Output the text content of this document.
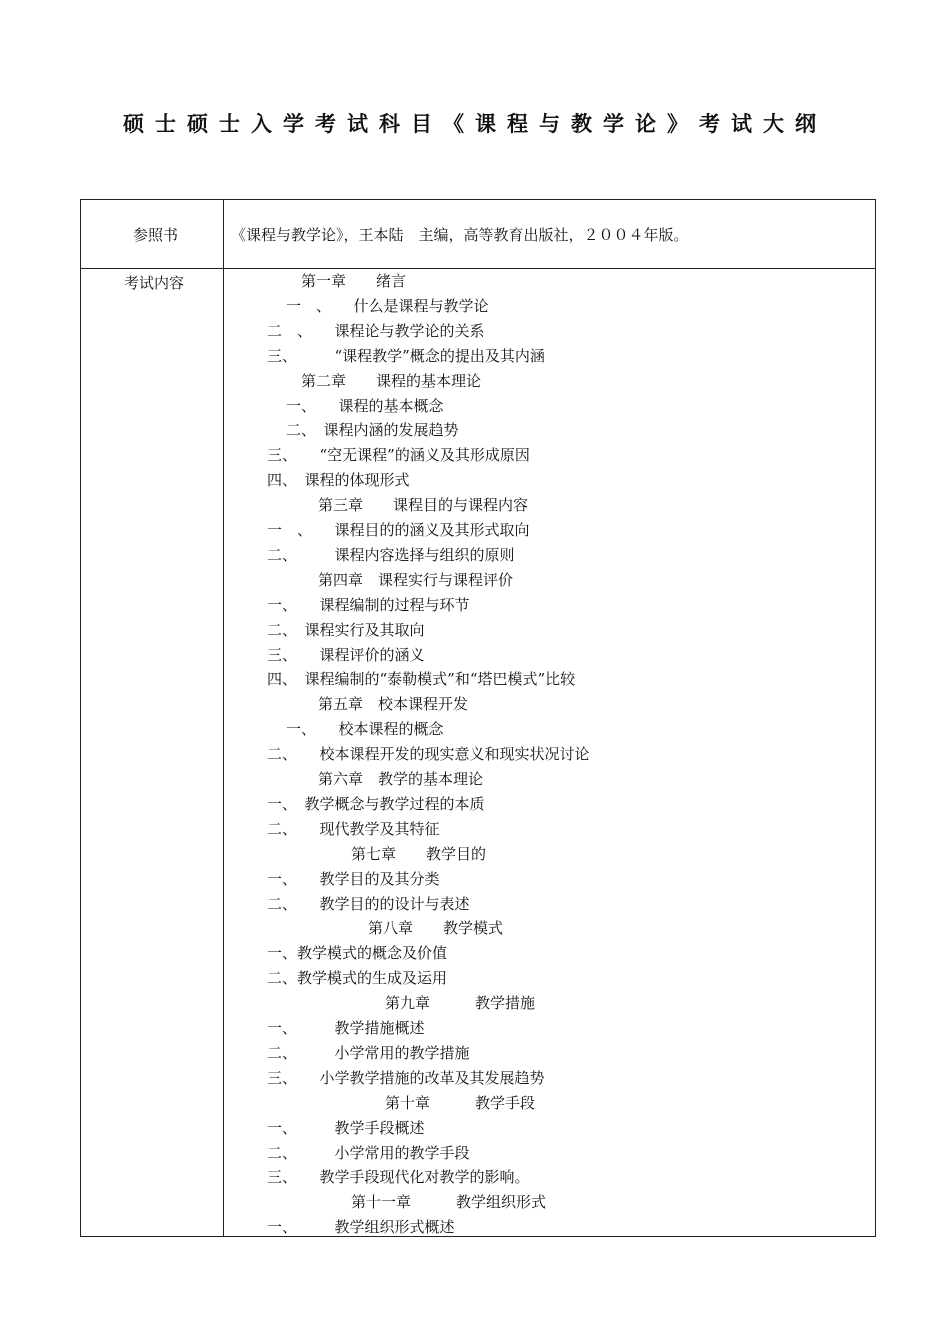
硕士硕士入学考试科目《课程与教学论》考试大纲
参照书	《课程与教学论》，王本陆　主编，高等教育出版社，２００４年版。
考试内容	第一章　　绪言
一　、　　什么是课程与教学论
二　、　　课程论与教学论的关系
三、　　　“课程教学”概念的提出及其内涵
第二章　　课程的基本理论
一、　　课程的基本概念
二、　课程内涵的发展趋势
三、　　“空无课程”的涵义及其形成原因
四、　课程的体现形式
第三章　　课程目的与课程内容
一　、　　课程目的的涵义及其形式取向
二、　　　课程内容选择与组织的原则
第四章　课程实行与课程评价
一、　　课程编制的过程与环节
二、　课程实行及其取向
三、　　课程评价的涵义
四、　课程编制的“泰勒模式”和“塔巴模式”比较
第五章　校本课程开发
一、　　校本课程的概念
二、　　校本课程开发的现实意义和现实状况讨论
第六章　教学的基本理论
一、　教学概念与教学过程的本质
二、　　现代教学及其特征
第七章　　教学目的
一、　　教学目的及其分类
二、　　教学目的的设计与表述
第八章　　教学模式
一、教学模式的概念及价值
二、教学模式的生成及运用
第九章　　　教学措施
一、　　　教学措施概述
二、　　　小学常用的教学措施
三、　　小学教学措施的改革及其发展趋势
第十章　　　教学手段
一、　　　教学手段概述
二、　　　小学常用的教学手段
三、　　教学手段现代化对教学的影响。
第十一章　　　教学组织形式
一、　　　教学组织形式概述
